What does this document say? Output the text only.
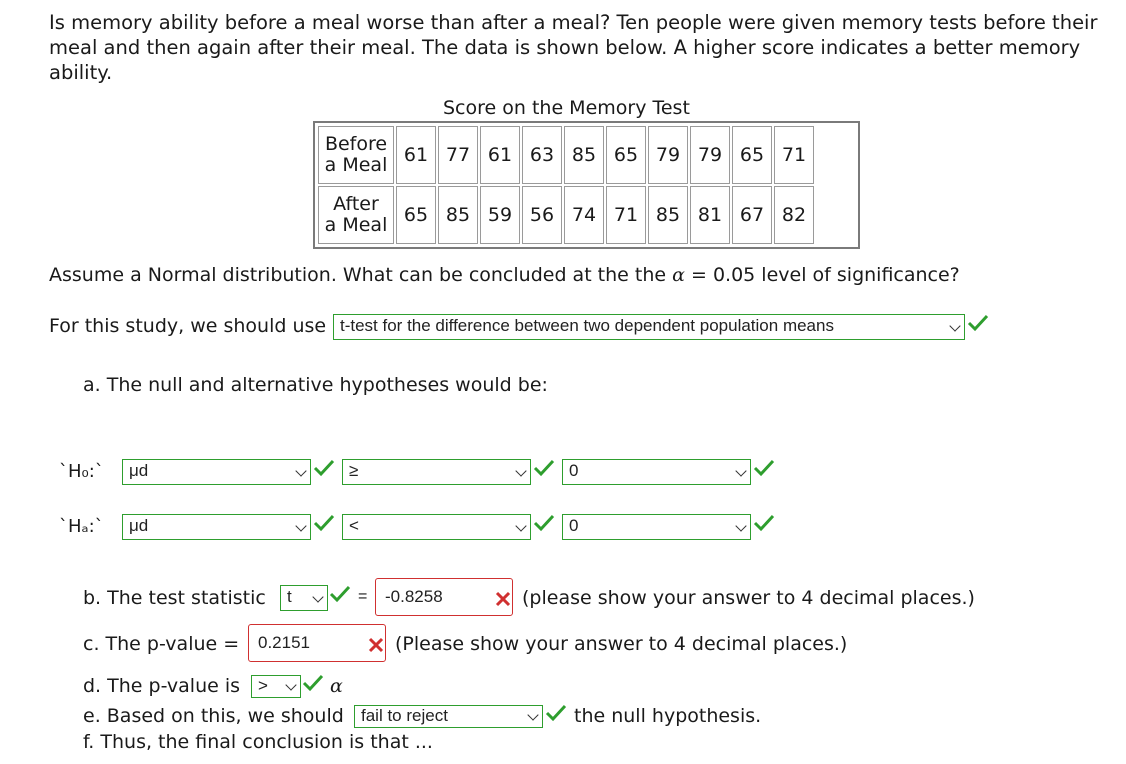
Is memory ability before a meal worse than after a meal? Ten people were given memory tests before their meal and then again after their meal. The data is shown below. A higher score indicates a better memory ability.
Score on the Memory Test
Before
a Meal	61	77	61	63	85	65	79	79	65	71

After
a Meal	65	85	59	56	74	71	85	81	67	82
Assume a Normal distribution. What can be concluded at the the α = 0.05 level of significance?
For this study, we should use t-test for the difference between two dependent population means
a. The null and alternative hypotheses would be:
`H₀:`	μd	≥	0
`Hₐ:`	μd	<	0
b. The test statistic	t	=	-0.8258	(please show your answer to 4 decimal places.)
c. The p-value =	0.2151	(Please show your answer to 4 decimal places.)
d. The p-value is	>	α
e. Based on this, we should	fail to reject	the null hypothesis.
f. Thus, the final conclusion is that ...
